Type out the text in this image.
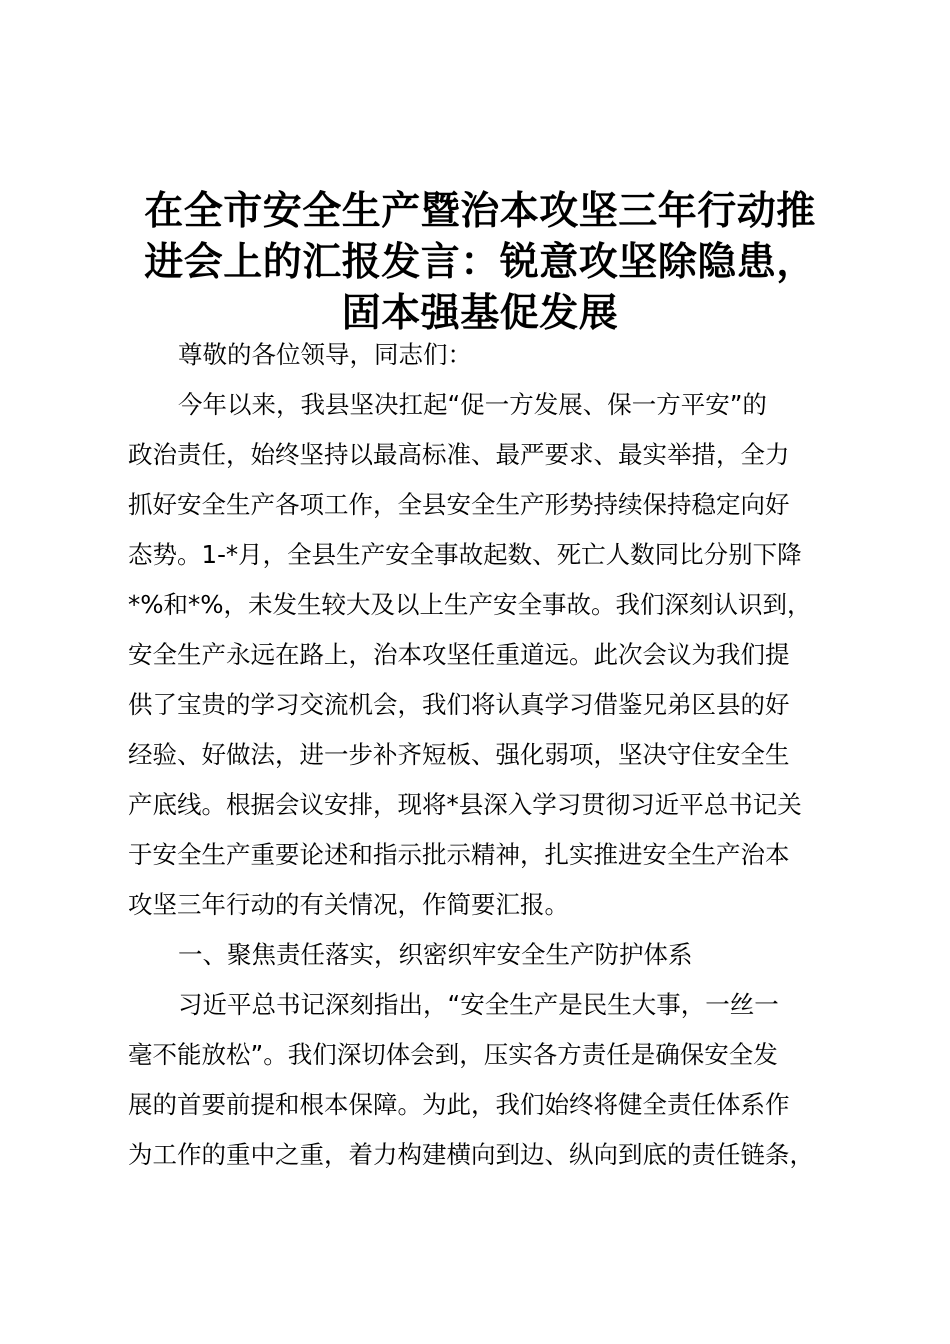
在全市安全生产暨治本攻坚三年行动推
进会上的汇报发言：锐意攻坚除隐患，
固本强基促发展
尊敬的各位领导，同志们：
今年以来，我县坚决扛起“促一方发展、保一方平安”的
政治责任，始终坚持以最高标准、最严要求、最实举措，全力
抓好安全生产各项工作，全县安全生产形势持续保持稳定向好
态势。1-*月，全县生产安全事故起数、死亡人数同比分别下降
*%和*%，未发生较大及以上生产安全事故。我们深刻认识到，
安全生产永远在路上，治本攻坚任重道远。此次会议为我们提
供了宝贵的学习交流机会，我们将认真学习借鉴兄弟区县的好
经验、好做法，进一步补齐短板、强化弱项，坚决守住安全生
产底线。根据会议安排，现将*县深入学习贯彻习近平总书记关
于安全生产重要论述和指示批示精神，扎实推进安全生产治本
攻坚三年行动的有关情况，作简要汇报。
一、聚焦责任落实，织密织牢安全生产防护体系
习近平总书记深刻指出，“安全生产是民生大事，一丝一
毫不能放松”。我们深切体会到，压实各方责任是确保安全发
展的首要前提和根本保障。为此，我们始终将健全责任体系作
为工作的重中之重，着力构建横向到边、纵向到底的责任链条，
